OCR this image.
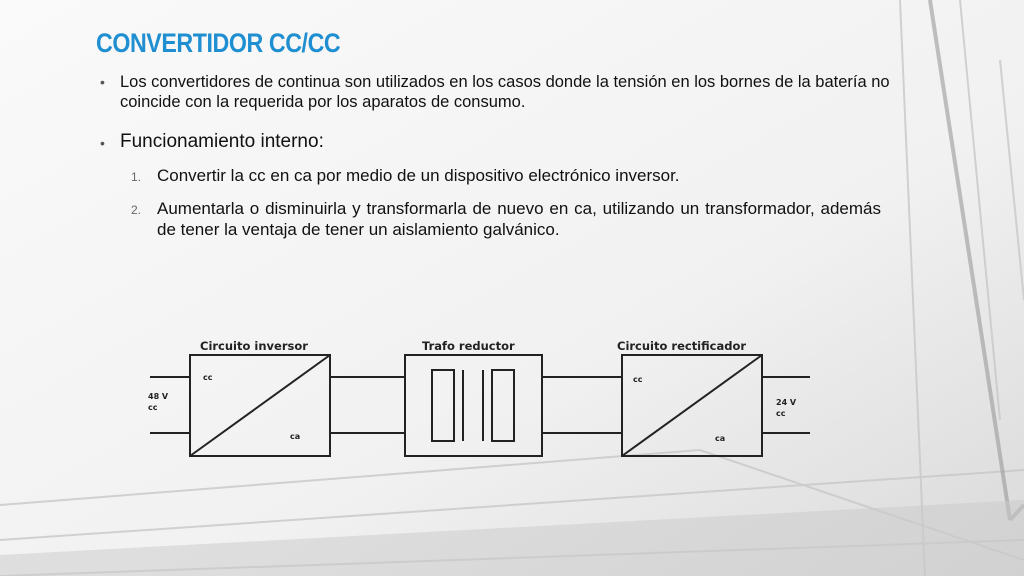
CONVERTIDOR CC/CC
• Los convertidores de continua son utilizados en los casos donde la tensión en los bornes de la batería no coincide con la requerida por los aparatos de consumo.
• Funcionamiento interno:
1. Convertir la cc en ca por medio de un dispositivo electrónico inversor.
2. Aumentarla o disminuirla y transformarla de nuevo en ca, utilizando un transformador, además de tener la ventaja de tener un aislamiento galvánico.
Circuito inversor
cc
ca
Trafo reductor	Circuito rectificador
cc
ca
48 V
cc
24 V
cc
